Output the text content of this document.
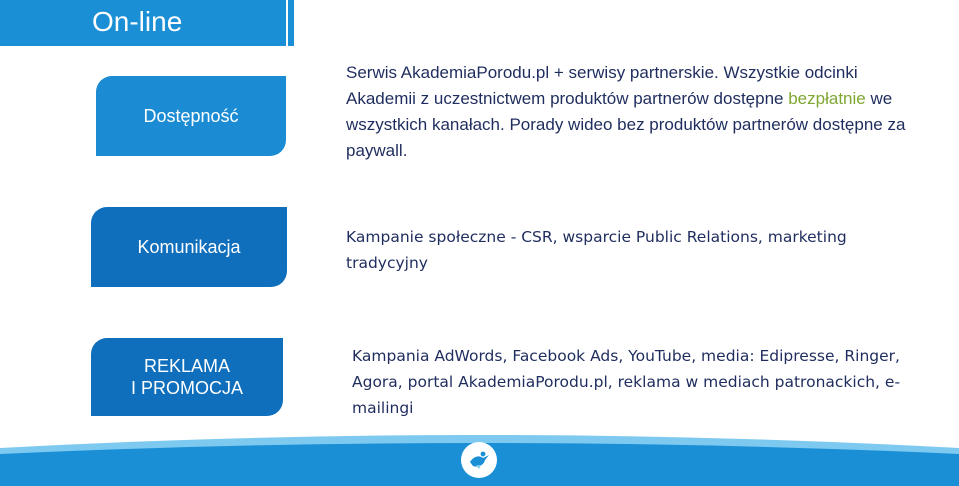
On-line
Dostępność
Serwis AkademiaPorodu.pl + serwisy partnerskie. Wszystkie odcinki Akademii z uczestnictwem produktów partnerów dostępne bezpłatnie we wszystkich kanałach. Porady wideo bez produktów partnerów dostępne za paywall.
Komunikacja	Kampanie społeczne - CSR, wsparcie Public Relations, marketing tradycyjny
REKLAMA
I PROMOCJA
Kampania AdWords, Facebook Ads, YouTube, media: Edipresse, Ringer, Agora, portal AkademiaPorodu.pl, reklama w mediach patronackich, e-mailingi
